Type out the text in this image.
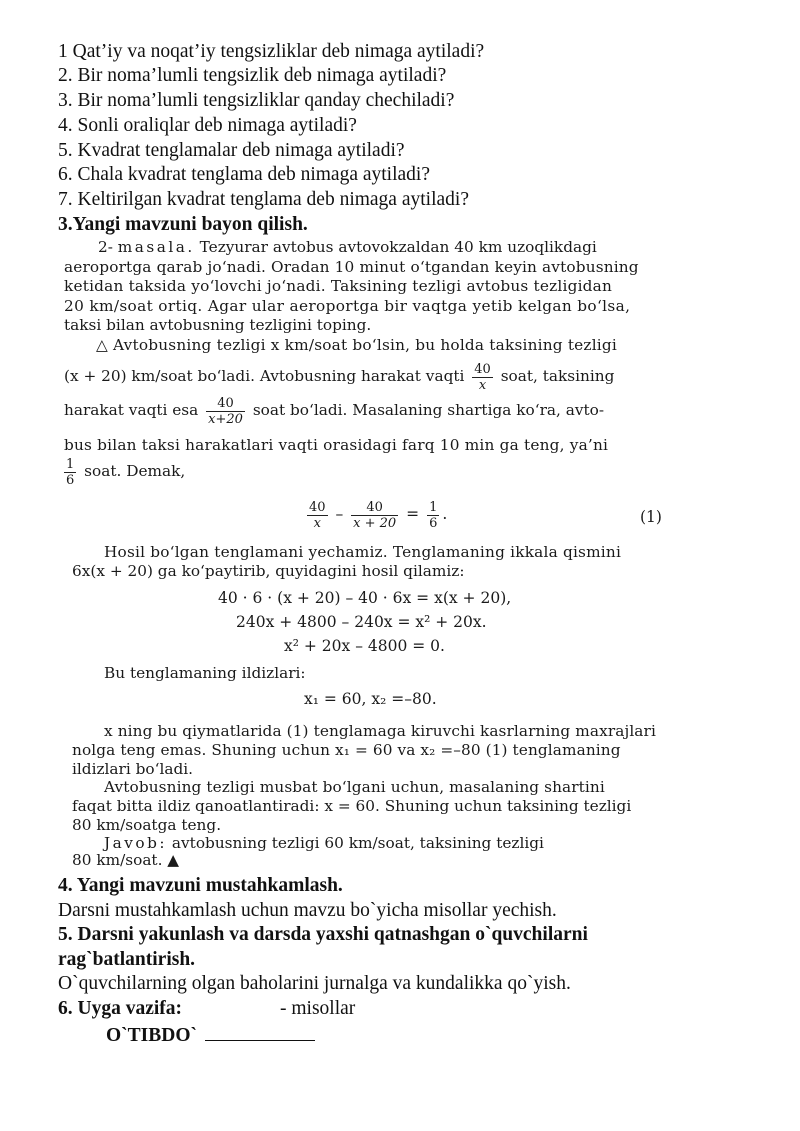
1 Qat’iy va noqat’iy tengsizliklar deb nimaga aytiladi?
2. Bir noma’lumli tengsizlik deb nimaga aytiladi?
3. Bir noma’lumli tengsizliklar qanday chechiladi?
4. Sonli oraliqlar deb nimaga aytiladi?
5. Kvadrat tenglamalar deb nimaga aytiladi?
6. Chala kvadrat tenglama deb nimaga aytiladi?
7. Keltirilgan kvadrat tenglama deb nimaga aytiladi?
3.Yangi mavzuni bayon qilish.
2- masala. Tezyurar avtobus avtovokzaldan 40 km uzoqlikdagi
aeroportga qarab jo‘nadi. Oradan 10 minut o‘tgandan keyin avtobusning
ketidan taksida yo‘lovchi jo‘nadi. Taksining tezligi avtobus tezligidan
20 km/soat ortiq. Agar ular aeroportga bir vaqtga yetib kelgan bo‘lsa,
taksi bilan avtobusning tezligini toping.
△ Avtobusning tezligi x km/soat bo‘lsin, bu holda taksining tezligi
(x + 20) km/soat bo‘ladi. Avtobusning harakat vaqti $\frac{40}{x}$ soat, taksining
harakat vaqti esa $\frac{40}{x+20}$ soat bo‘ladi. Masalaning shartiga ko‘ra, avto-
bus bilan taksi harakatlari vaqti orasidagi farq 10 min ga teng, ya’ni
$\frac{1}{6}$ soat. Demak,
$\frac{40}{x} - \frac{40}{x + 20} = \frac{1}{6}$ .	(1)
Hosil bo‘lgan tenglamani yechamiz. Tenglamaning ikkala qismini
6x(x + 20) ga ko‘paytirib, quyidagini hosil qilamiz:
40 · 6 · (x + 20) – 40 · 6x = x(x + 20),
240x + 4800 – 240x = x² + 20x.
x² + 20x – 4800 = 0.
Bu tenglamaning ildizlari:
x₁ = 60, x₂ =–80.
x ning bu qiymatlarida (1) tenglamaga kiruvchi kasrlarning maxrajlari
nolga teng emas. Shuning uchun x₁ = 60 va x₂ =–80 (1) tenglamaning
ildizlari bo‘ladi.
Avtobusning tezligi musbat bo‘lgani uchun, masalaning shartini
faqat bitta ildiz qanoatlantiradi: x = 60. Shuning uchun taksining tezligi
80 km/soatga teng.
Javob: avtobusning tezligi 60 km/soat, taksining tezligi
80 km/soat. ▲
4. Yangi mavzuni mustahkamlash.
Darsni mustahkamlash uchun mavzu bo`yicha misollar yechish.
5. Darsni yakunlash va darsda yaxshi qatnashgan o`quvchilarni
rag`batlantirish.
O`quvchilarning olgan baholarini jurnalga va kundalikka qo`yish.
6. Uyga vazifa:	- misollar
O`TIBDO`
